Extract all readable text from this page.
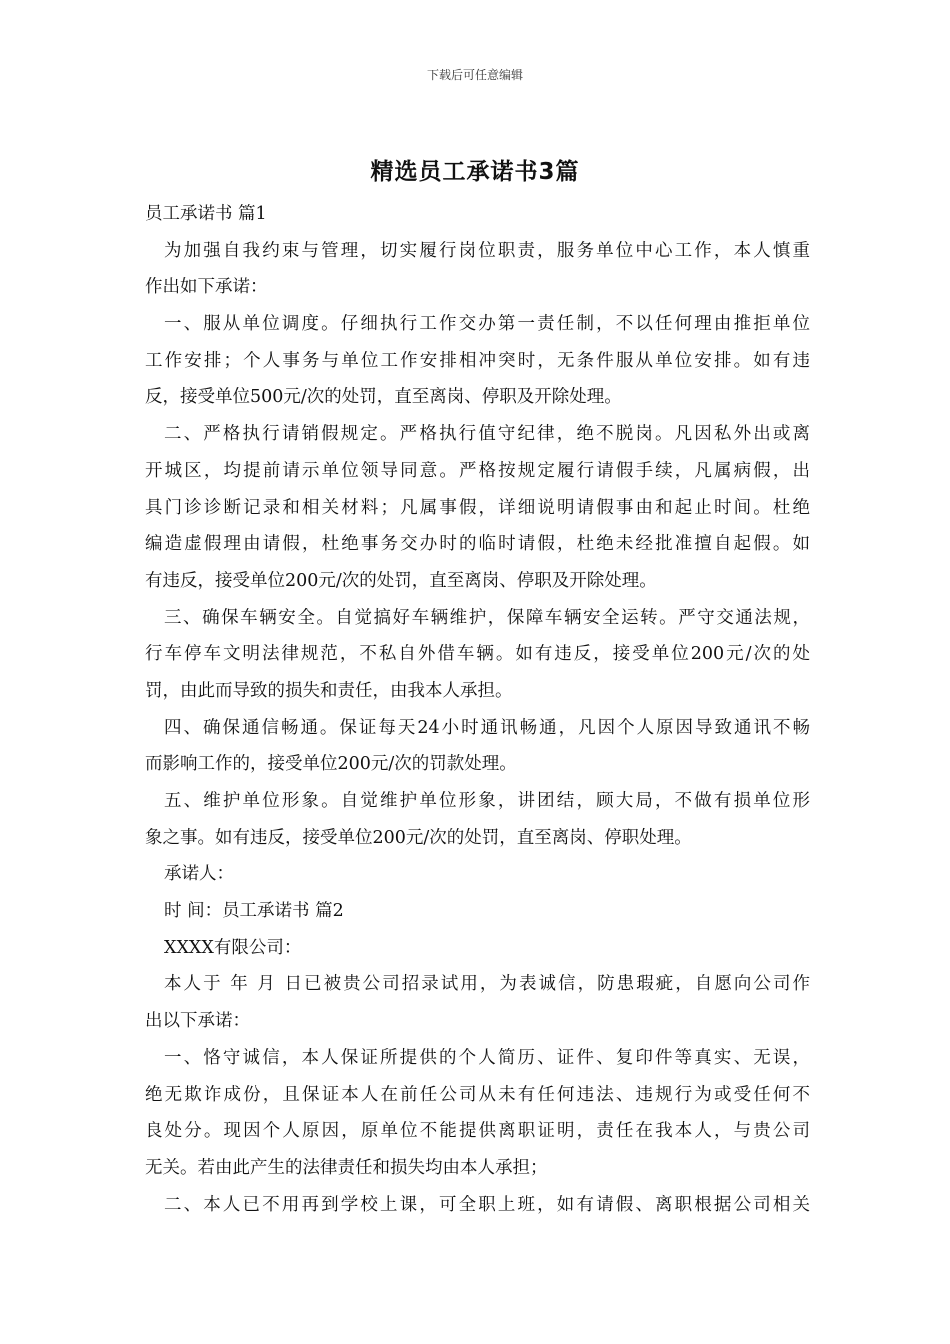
下载后可任意编辑
精选员工承诺书3篇
员工承诺书 篇1
为加强自我约束与管理，切实履行岗位职责，服务单位中心工作，本人慎重
作出如下承诺：
一、服从单位调度。仔细执行工作交办第一责任制，不以任何理由推拒单位
工作安排；个人事务与单位工作安排相冲突时，无条件服从单位安排。如有违
反，接受单位500元/次的处罚，直至离岗、停职及开除处理。
二、严格执行请销假规定。严格执行值守纪律，绝不脱岗。凡因私外出或离
开城区，均提前请示单位领导同意。严格按规定履行请假手续，凡属病假，出
具门诊诊断记录和相关材料；凡属事假，详细说明请假事由和起止时间。杜绝
编造虚假理由请假，杜绝事务交办时的临时请假，杜绝未经批准擅自起假。如
有违反，接受单位200元/次的处罚，直至离岗、停职及开除处理。
三、确保车辆安全。自觉搞好车辆维护，保障车辆安全运转。严守交通法规，
行车停车文明法律规范，不私自外借车辆。如有违反，接受单位200元/次的处
罚，由此而导致的损失和责任，由我本人承担。
四、确保通信畅通。保证每天24小时通讯畅通，凡因个人原因导致通讯不畅
而影响工作的，接受单位200元/次的罚款处理。
五、维护单位形象。自觉维护单位形象，讲团结，顾大局，不做有损单位形
象之事。如有违反，接受单位200元/次的处罚，直至离岗、停职处理。
承诺人：
时 间：员工承诺书 篇2
XXXX有限公司：
本人于 年 月 日已被贵公司招录试用，为表诚信，防患瑕疵，自愿向公司作
出以下承诺：
一、恪守诚信，本人保证所提供的个人简历、证件、复印件等真实、无误，
绝无欺诈成份，且保证本人在前任公司从未有任何违法、违规行为或受任何不
良处分。现因个人原因，原单位不能提供离职证明，责任在我本人，与贵公司
无关。若由此产生的法律责任和损失均由本人承担；
二、本人已不用再到学校上课，可全职上班，如有请假、离职根据公司相关
